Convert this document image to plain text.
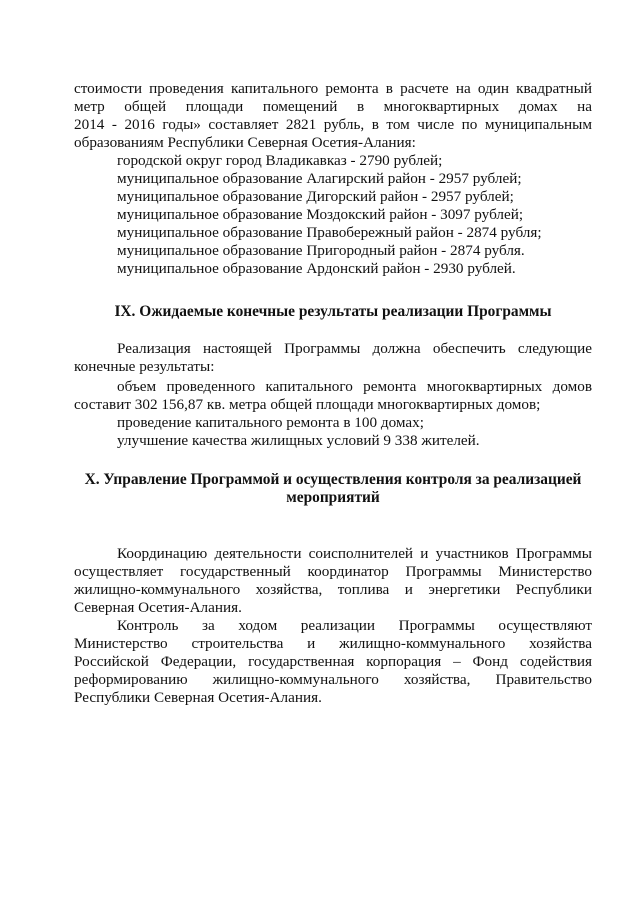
стоимости проведения капитального ремонта в расчете на один квадратный
метр общей площади помещений в многоквартирных домах на
2014 - 2016 годы» составляет 2821 рубль, в том числе по муниципальным
образованиям Республики Северная Осетия-Алания:
городской округ город Владикавказ - 2790 рублей;
муниципальное образование Алагирский район - 2957 рублей;
муниципальное образование Дигорский район - 2957 рублей;
муниципальное образование Моздокский район - 3097 рублей;
муниципальное образование Правобережный район - 2874 рубля;
муниципальное образование Пригородный район - 2874 рубля.
муниципальное образование Ардонский район - 2930 рублей.
IX. Ожидаемые конечные результаты реализации Программы
Реализация настоящей Программы должна обеспечить следующие
конечные результаты:
объем проведенного капитального ремонта многоквартирных домов
составит 302 156,87 кв. метра общей площади многоквартирных домов;
проведение капитального ремонта в 100 домах;
улучшение качества жилищных условий 9 338 жителей.
X. Управление Программой и осуществления контроля за реализацией
мероприятий
Координацию деятельности соисполнителей и участников Программы
осуществляет государственный координатор Программы Министерство
жилищно-коммунального хозяйства, топлива и энергетики Республики
Северная Осетия-Алания.
Контроль за ходом реализации Программы осуществляют
Министерство строительства и жилищно-коммунального хозяйства
Российской Федерации, государственная корпорация – Фонд содействия
реформированию жилищно-коммунального хозяйства, Правительство
Республики Северная Осетия-Алания.
